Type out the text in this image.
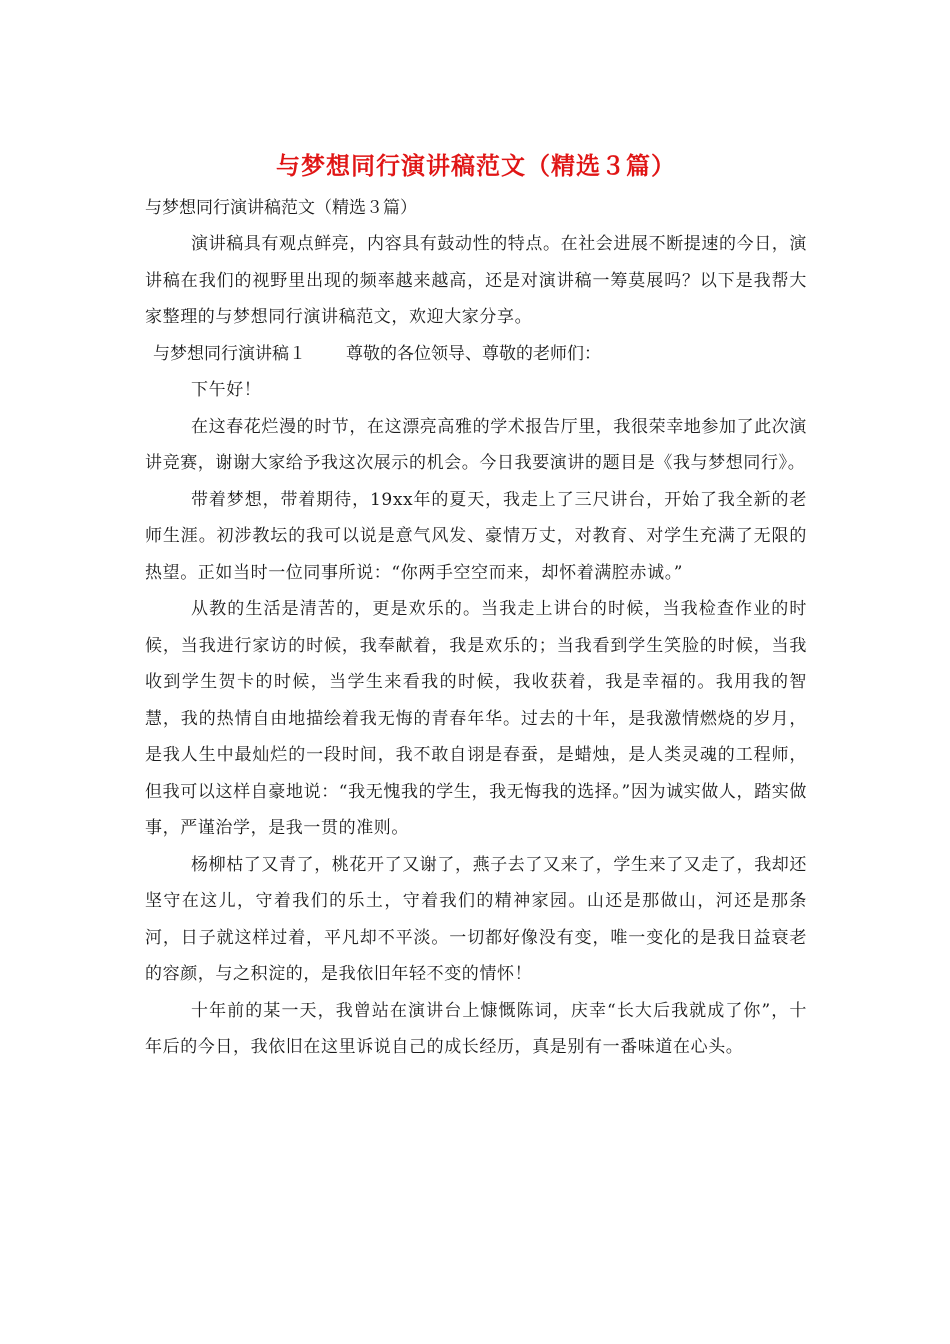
与梦想同行演讲稿范文（精选３篇）

与梦想同行演讲稿范文（精选３篇）

演讲稿具有观点鲜亮，内容具有鼓动性的特点。在社会进展不断提速的今日，演讲稿在我们的视野里出现的频率越来越高，还是对演讲稿一筹莫展吗？以下是我帮大家整理的与梦想同行演讲稿范文，欢迎大家分享。

与梦想同行演讲稿１ 尊敬的各位领导、尊敬的老师们：

下午好！

在这春花烂漫的时节，在这漂亮高雅的学术报告厅里，我很荣幸地参加了此次演讲竞赛，谢谢大家给予我这次展示的机会。今日我要演讲的题目是《我与梦想同行》。

带着梦想，带着期待，19xx年的夏天，我走上了三尺讲台，开始了我全新的老师生涯。初涉教坛的我可以说是意气风发、豪情万丈，对教育、对学生充满了无限的热望。正如当时一位同事所说：“你两手空空而来，却怀着满腔赤诚。”

从教的生活是清苦的，更是欢乐的。当我走上讲台的时候，当我检查作业的时候，当我进行家访的时候，我奉献着，我是欢乐的；当我看到学生笑脸的时候，当我收到学生贺卡的时候，当学生来看我的时候，我收获着，我是幸福的。我用我的智慧，我的热情自由地描绘着我无悔的青春年华。过去的十年，是我激情燃烧的岁月，是我人生中最灿烂的一段时间，我不敢自诩是春蚕，是蜡烛，是人类灵魂的工程师，但我可以这样自豪地说：“我无愧我的学生，我无悔我的选择。”因为诚实做人，踏实做事，严谨治学，是我一贯的准则。

杨柳枯了又青了，桃花开了又谢了，燕子去了又来了，学生来了又走了，我却还坚守在这儿，守着我们的乐土，守着我们的精神家园。山还是那做山，河还是那条河，日子就这样过着，平凡却不平淡。一切都好像没有变，唯一变化的是我日益衰老的容颜，与之积淀的，是我依旧年轻不变的情怀！

十年前的某一天，我曾站在演讲台上慷慨陈词，庆幸“长大后我就成了你”，十年后的今日，我依旧在这里诉说自己的成长经历，真是别有一番味道在心头。
